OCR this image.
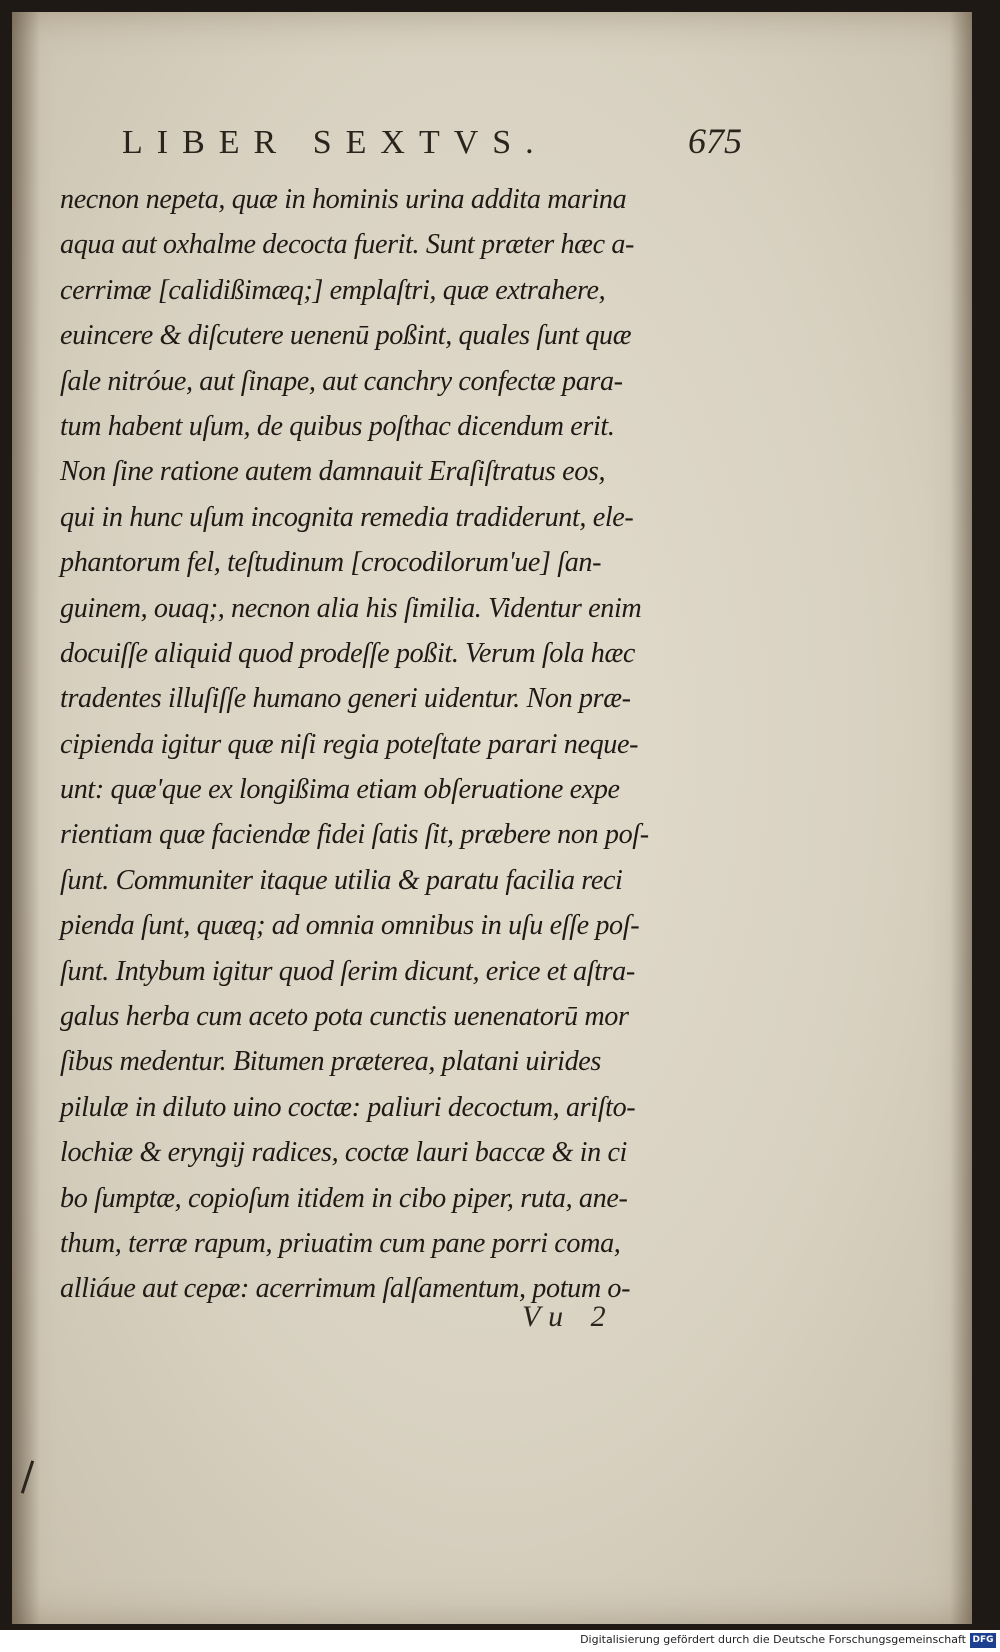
LIBER SEXTVS.	675
necnon nepeta, quæ in hominis urina addita marina
aqua aut oxhalme decocta fuerit. Sunt præter hæc a-
cerrimæ [calidißimæq;] emplaſtri, quæ extrahere,
euincere & diſcutere uenenū poßint, quales ſunt quæ
ſale nitróue, aut ſinape, aut canchry confectæ para-
tum habent uſum, de quibus poſthac dicendum erit.
Non ſine ratione autem damnauit Eraſiſtratus eos,
qui in hunc uſum incognita remedia tradiderunt, ele-
phantorum fel, teſtudinum [crocodilorum'ue] ſan-
guinem, ouaq;, necnon alia his ſimilia. Videntur enim
docuiſſe aliquid quod prodeſſe poßit. Verum ſola hæc
tradentes illuſiſſe humano generi uidentur. Non præ-
cipienda igitur quæ niſi regia poteſtate parari neque-
unt: quæ'que ex longißima etiam obſeruatione expe
rientiam quæ faciendæ fidei ſatis ſit, præbere non poſ-
ſunt. Communiter itaque utilia & paratu facilia reci
pienda ſunt, quæq; ad omnia omnibus in uſu eſſe poſ-
ſunt. Intybum igitur quod ſerim dicunt, erice et aſtra-
galus herba cum aceto pota cunctis uenenatorū mor
ſibus medentur. Bitumen præterea, platani uirides
pilulæ in diluto uino coctæ: paliuri decoctum, ariſto-
lochiæ & eryngij radices, coctæ lauri baccæ & in ci
bo ſumptæ, copioſum itidem in cibo piper, ruta, ane-
thum, terræ rapum, priuatim cum pane porri coma,
alliáue aut cepæ: acerrimum ſalſamentum, potum o-
Vu 2
Digitalisierung gefördert durch die Deutsche Forschungsgemeinschaft DFG
